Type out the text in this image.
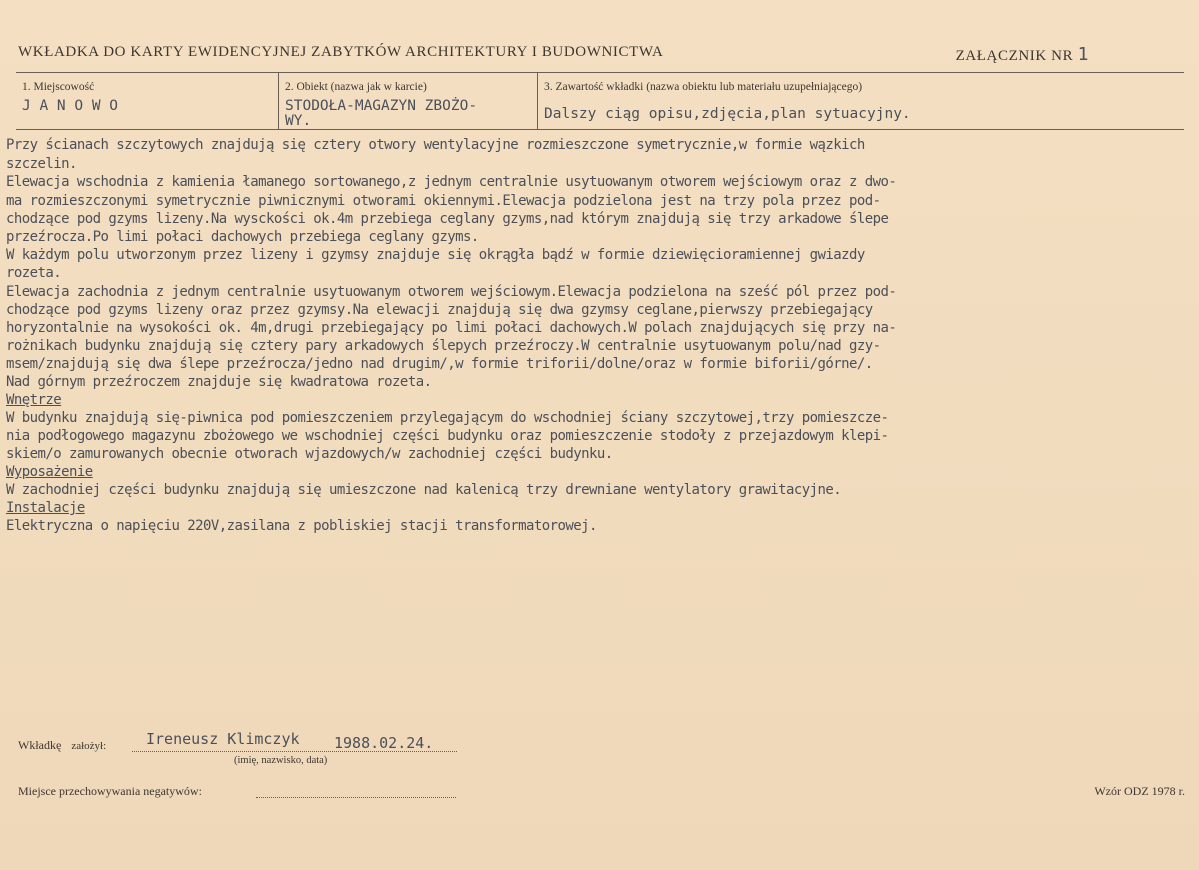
WKŁADKA DO KARTY EWIDENCYJNEJ ZABYTKÓW ARCHITEKTURY I BUDOWNICTWA	ZAŁĄCZNIK NR 1
1. Miejscowość
J A N O W O
2. Obiekt (nazwa jak w karcie)
STODOŁA-MAGAZYN ZBOŻO-
WY.
3. Zawartość wkładki (nazwa obiektu lub materiału uzupełniającego)
Dalszy ciąg opisu,zdjęcia,plan sytuacyjny.
Przy ścianach szczytowych znajdują się cztery otwory wentylacyjne rozmieszczone symetrycznie,w formie wązkich
szczelin.
Elewacja wschodnia z kamienia łamanego sortowanego,z jednym centralnie usytuowanym otworem wejściowym oraz z dwo-
ma rozmieszczonymi symetrycznie piwnicznymi otworami okiennymi.Elewacja podzielona jest na trzy pola przez pod-
chodzące pod gzyms lizeny.Na wysckości ok.4m przebiega ceglany gzyms,nad którym znajdują się trzy arkadowe ślepe
przeźrocza.Po limi połaci dachowych przebiega ceglany gzyms.
W każdym polu utworzonym przez lizeny i gzymsy znajduje się okrągła bądź w formie dziewięcioramiennej gwiazdy
rozeta.
Elewacja zachodnia z jednym centralnie usytuowanym otworem wejściowym.Elewacja podzielona na sześć pól przez pod-
chodzące pod gzyms lizeny oraz przez gzymsy.Na elewacji znajdują się dwa gzymsy ceglane,pierwszy przebiegający
horyzontalnie na wysokości ok. 4m,drugi przebiegający po limi połaci dachowych.W polach znajdujących się przy na-
rożnikach budynku znajdują się cztery pary arkadowych ślepych przeźroczy.W centralnie usytuowanym polu/nad gzy-
msem/znajdują się dwa ślepe przeźrocza/jedno nad drugim/,w formie triforii/dolne/oraz w formie biforii/górne/.
Nad górnym przeźroczem znajduje się kwadratowa rozeta.
Wnętrze
W budynku znajdują się-piwnica pod pomieszczeniem przylegającym do wschodniej ściany szczytowej,trzy pomieszcze-
nia podłogowego magazynu zbożowego we wschodniej części budynku oraz pomieszczenie stodoły z przejazdowym klepi-
skiem/o zamurowanych obecnie otworach wjazdowych/w zachodniej części budynku.
Wyposażenie
W zachodniej części budynku znajdują się umieszczone nad kalenicą trzy drewniane wentylatory grawitacyjne.
Instalacje
Elektryczna o napięciu 220V,zasilana z pobliskiej stacji transformatorowej.
Wkładkę założył:	Ireneusz Klimczyk 1988.02.24.
(imię, nazwisko, data)
Miejsce przechowywania negatywów:	Wzór ODZ 1978 r.
